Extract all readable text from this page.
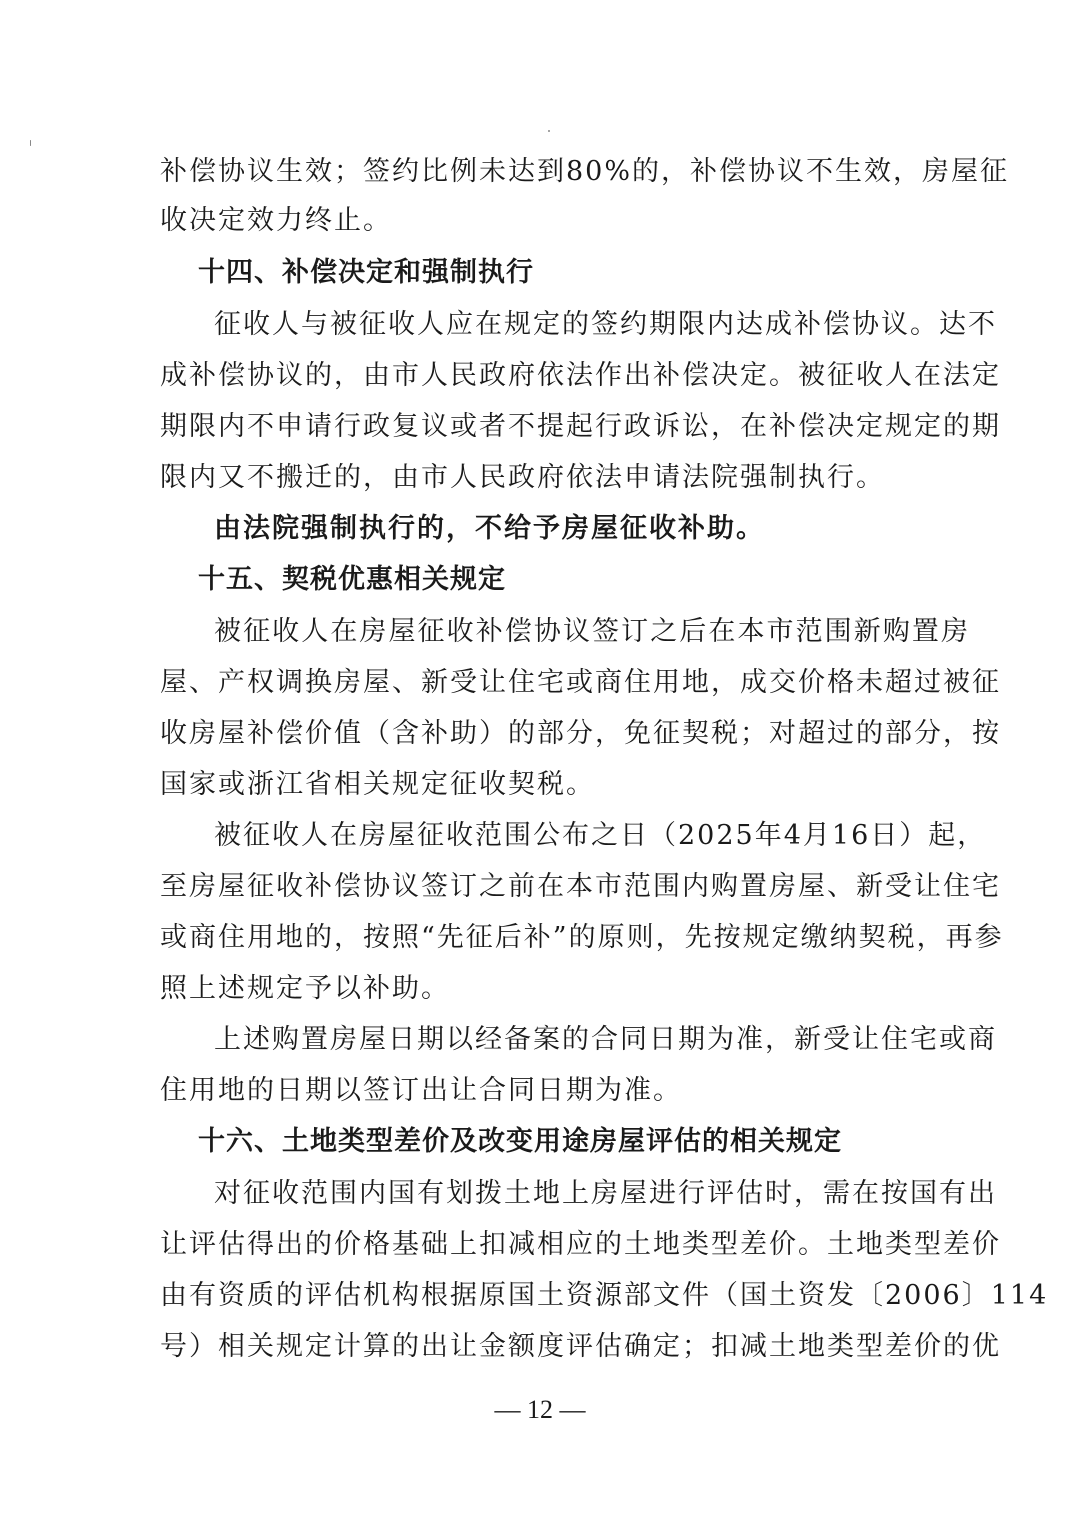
补偿协议生效；签约比例未达到80%的，补偿协议不生效，房屋征
收决定效力终止。
十四、补偿决定和强制执行
征收人与被征收人应在规定的签约期限内达成补偿协议。达不
成补偿协议的，由市人民政府依法作出补偿决定。被征收人在法定
期限内不申请行政复议或者不提起行政诉讼，在补偿决定规定的期
限内又不搬迁的，由市人民政府依法申请法院强制执行。
由法院强制执行的，不给予房屋征收补助。
十五、契税优惠相关规定
被征收人在房屋征收补偿协议签订之后在本市范围新购置房
屋、产权调换房屋、新受让住宅或商住用地，成交价格未超过被征
收房屋补偿价值（含补助）的部分，免征契税；对超过的部分，按
国家或浙江省相关规定征收契税。
被征收人在房屋征收范围公布之日（2025年4月16日）起，
至房屋征收补偿协议签订之前在本市范围内购置房屋、新受让住宅
或商住用地的，按照“先征后补”的原则，先按规定缴纳契税，再参
照上述规定予以补助。
上述购置房屋日期以经备案的合同日期为准，新受让住宅或商
住用地的日期以签订出让合同日期为准。
十六、土地类型差价及改变用途房屋评估的相关规定
对征收范围内国有划拨土地上房屋进行评估时，需在按国有出
让评估得出的价格基础上扣减相应的土地类型差价。土地类型差价
由有资质的评估机构根据原国土资源部文件（国土资发〔2006〕114
号）相关规定计算的出让金额度评估确定；扣减土地类型差价的优
— 12 —
